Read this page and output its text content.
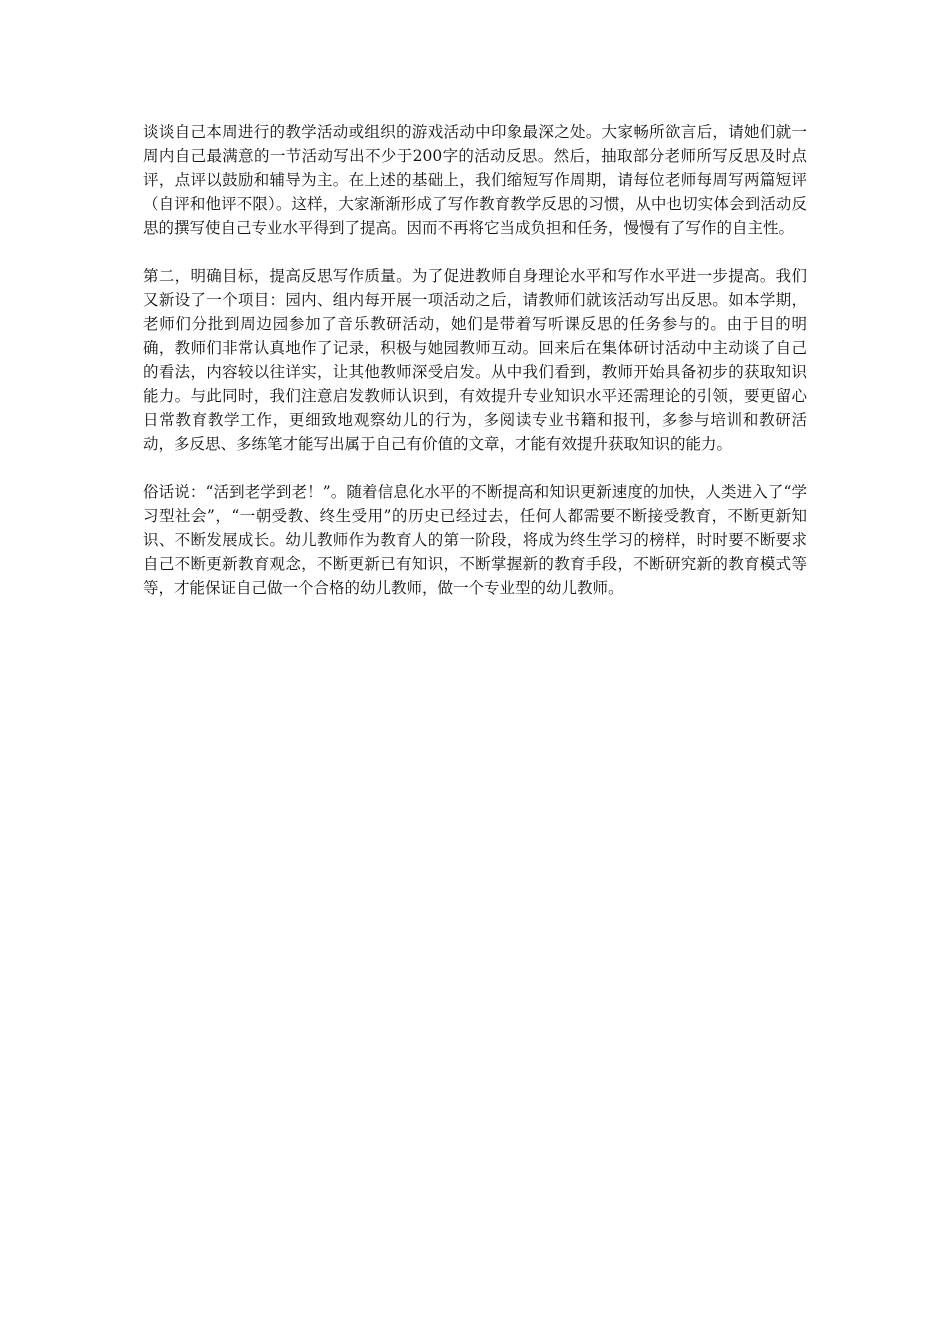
谈谈自己本周进行的教学活动或组织的游戏活动中印象最深之处。大家畅所欲言后，请她们就一周内自己最满意的一节活动写出不少于200字的活动反思。然后，抽取部分老师所写反思及时点评，点评以鼓励和辅导为主。在上述的基础上，我们缩短写作周期，请每位老师每周写两篇短评（自评和他评不限）。这样，大家渐渐形成了写作教育教学反思的习惯，从中也切实体会到活动反思的撰写使自己专业水平得到了提高。因而不再将它当成负担和任务，慢慢有了写作的自主性。

第二，明确目标，提高反思写作质量。为了促进教师自身理论水平和写作水平进一步提高。我们又新设了一个项目：园内、组内每开展一项活动之后，请教师们就该活动写出反思。如本学期，老师们分批到周边园参加了音乐教研活动，她们是带着写听课反思的任务参与的。由于目的明确，教师们非常认真地作了记录，积极与她园教师互动。回来后在集体研讨活动中主动谈了自己的看法，内容较以往详实，让其他教师深受启发。从中我们看到，教师开始具备初步的获取知识能力。与此同时，我们注意启发教师认识到，有效提升专业知识水平还需理论的引领，要更留心日常教育教学工作，更细致地观察幼儿的行为，多阅读专业书籍和报刊，多参与培训和教研活动，多反思、多练笔才能写出属于自己有价值的文章，才能有效提升获取知识的能力。

俗话说：“活到老学到老！”。随着信息化水平的不断提高和知识更新速度的加快，人类进入了“学习型社会”，“一朝受教、终生受用”的历史已经过去，任何人都需要不断接受教育，不断更新知识、不断发展成长。幼儿教师作为教育人的第一阶段，将成为终生学习的榜样，时时要不断要求自己不断更新教育观念，不断更新已有知识，不断掌握新的教育手段，不断研究新的教育模式等等，才能保证自己做一个合格的幼儿教师，做一个专业型的幼儿教师。
